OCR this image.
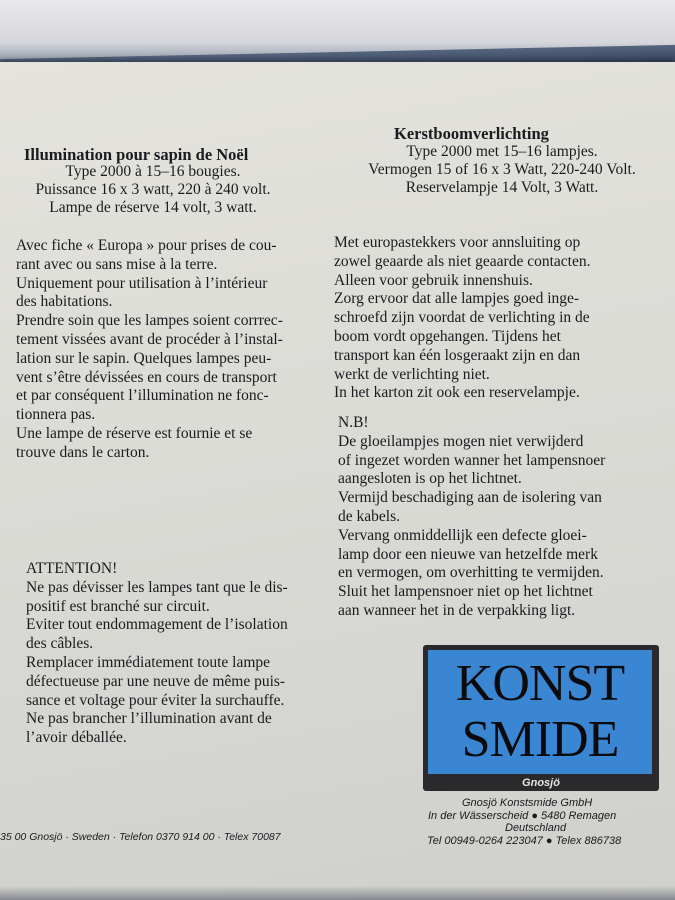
Illumination pour sapin de Noël
Type 2000 à 15–16 bougies.
Puissance 16 x 3 watt, 220 à 240 volt.
Lampe de réserve 14 volt, 3 watt.
Avec fiche « Europa » pour prises de cou-
rant avec ou sans mise à la terre.
Uniquement pour utilisation à l’intérieur
des habitations.
Prendre soin que les lampes soient corrrec-
tement vissées avant de procéder à l’instal-
lation sur le sapin. Quelques lampes peu-
vent s’être dévissées en cours de transport
et par conséquent l’illumination ne fonc-
tionnera pas.
Une lampe de réserve est fournie et se
trouve dans le carton.
ATTENTION!
Ne pas dévisser les lampes tant que le dis-
positif est branché sur circuit.
Eviter tout endommagement de l’isolation
des câbles.
Remplacer immédiatement toute lampe
défectueuse par une neuve de même puis-
sance et voltage pour éviter la surchauffe.
Ne pas brancher l’illumination avant de
l’avoir déballée.
Kerstboomverlichting
Type 2000 met 15–16 lampjes.
Vermogen 15 of 16 x 3 Watt, 220-240 Volt.
Reservelampje 14 Volt, 3 Watt.
Met europastekkers voor annsluiting op
zowel geaarde als niet geaarde contacten.
Alleen voor gebruik innenshuis.
Zorg ervoor dat alle lampjes goed inge-
schroefd zijn voordat de verlichting in de
boom vordt opgehangen. Tijdens het
transport kan één losgeraakt zijn en dan
werkt de verlichting niet.
In het karton zit ook een reservelampje.
N.B!
De gloeilampjes mogen niet verwijderd
of ingezet worden wanner het lampensnoer
aangesloten is op het lichtnet.
Vermijd beschadiging aan de isolering van
de kabels.
Vervang onmiddellijk een defecte gloei-
lamp door een nieuwe van hetzelfde merk
en vermogen, om overhitting te vermijden.
Sluit het lampensnoer niet op het lichtnet
aan wanneer het in de verpakking ligt.
KONST
SMIDE
Gnosjö
Gnosjö Konstsmide GmbH
In der Wässerscheid ● 5480 Remagen
Deutschland
Tel 00949-0264 223047 ● Telex 886738
35 00 Gnosjö · Sweden · Telefon 0370 914 00 · Telex 70087
